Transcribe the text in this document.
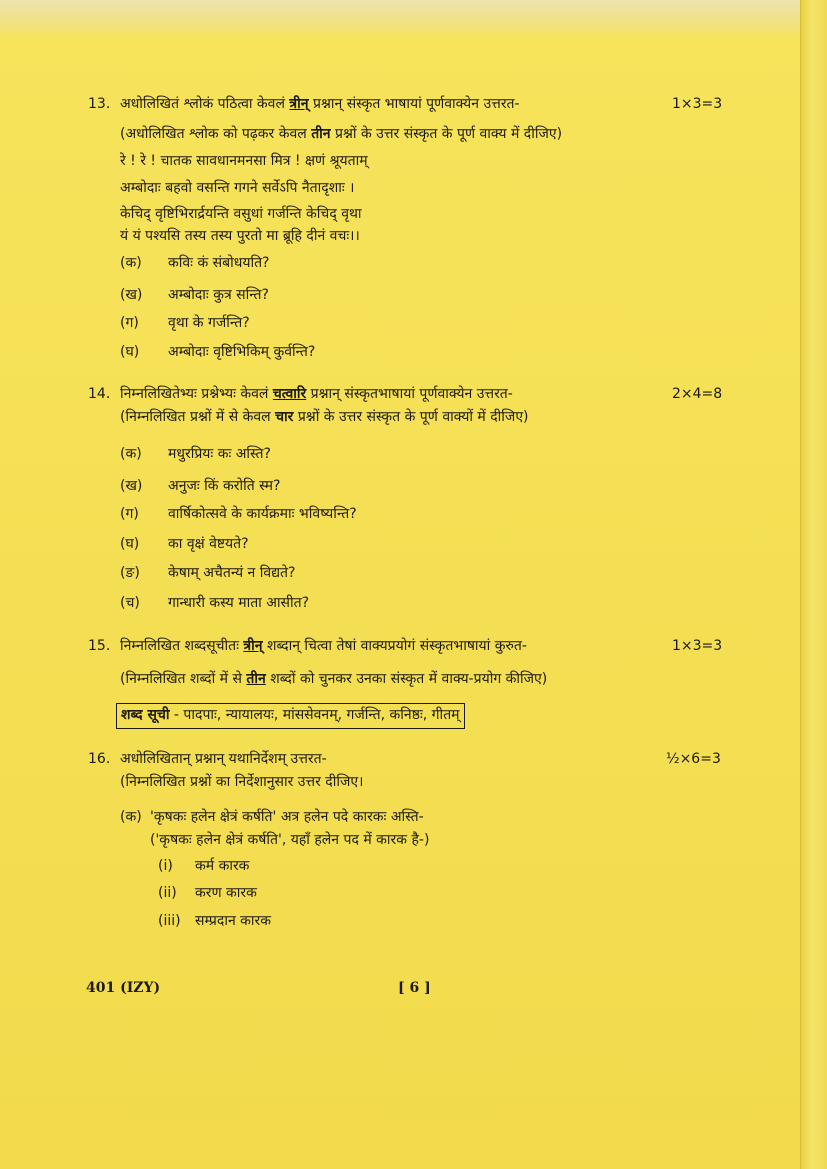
13. अधोलिखितं श्लोकं पठित्वा केवलं त्रीन् प्रश्नान् संस्कृत भाषायां पूर्णवाक्येन उत्तरत-	1×3=3
(अधोलिखित श्लोक को पढ़कर केवल तीन प्रश्नों के उत्तर संस्कृत के पूर्ण वाक्य में दीजिए)
रे ! रे ! चातक सावधानमनसा मित्र ! क्षणं श्रूयताम्
अम्बोदाः बहवो वसन्ति गगने सर्वेऽपि नैतादृशाः ।
केचिद् वृष्टिभिरार्द्रयन्ति वसुधां गर्जन्ति केचिद् वृथा
यं यं पश्यसि तस्य तस्य पुरतो मा ब्रूहि दीनं वचः।।
(क) कविः कं संबोधयति?
(ख) अम्बोदाः कुत्र सन्ति?
(ग) वृथा के गर्जन्ति?
(घ) अम्बोदाः वृष्टिभिकिम् कुर्वन्ति?
14. निम्नलिखितेभ्यः प्रश्नेभ्यः केवलं चत्वारि प्रश्नान् संस्कृतभाषायां पूर्णवाक्येन उत्तरत-	2×4=8
(निम्नलिखित प्रश्नों में से केवल चार प्रश्नों के उत्तर संस्कृत के पूर्ण वाक्यों में दीजिए)
(क) मधुरप्रियः कः अस्ति?
(ख) अनुजः किं करोति स्म?
(ग) वार्षिकोत्सवे के कार्यक्रमाः भविष्यन्ति?
(घ) का वृक्षं वेष्टयते?
(ङ) केषाम् अचैतन्यं न विद्यते?
(च) गान्धारी कस्य माता आसीत?
15. निम्नलिखित शब्दसूचीतः त्रीन् शब्दान् चित्वा तेषां वाक्यप्रयोगं संस्कृतभाषायां कुरुत-	1×3=3
(निम्नलिखित शब्दों में से तीन शब्दों को चुनकर उनका संस्कृत में वाक्य-प्रयोग कीजिए)
शब्द सूची - पादपाः, न्यायालयः, मांससेवनम्, गर्जन्ति, कनिष्ठः, गीतम्
16. अधोलिखितान् प्रश्नान् यथानिर्देशम् उत्तरत-	½×6=3
(निम्नलिखित प्रश्नों का निर्देशानुसार उत्तर दीजिए।
(क) 'कृषकः हलेन क्षेत्रं कर्षति' अत्र हलेन पदे कारकः अस्ति-
('कृषकः हलेन क्षेत्रं कर्षति', यहाँ हलेन पद में कारक है-)
(i) कर्म कारक
(ii) करण कारक
(iii) सम्प्रदान कारक
401 (IZY)	[ 6 ]
